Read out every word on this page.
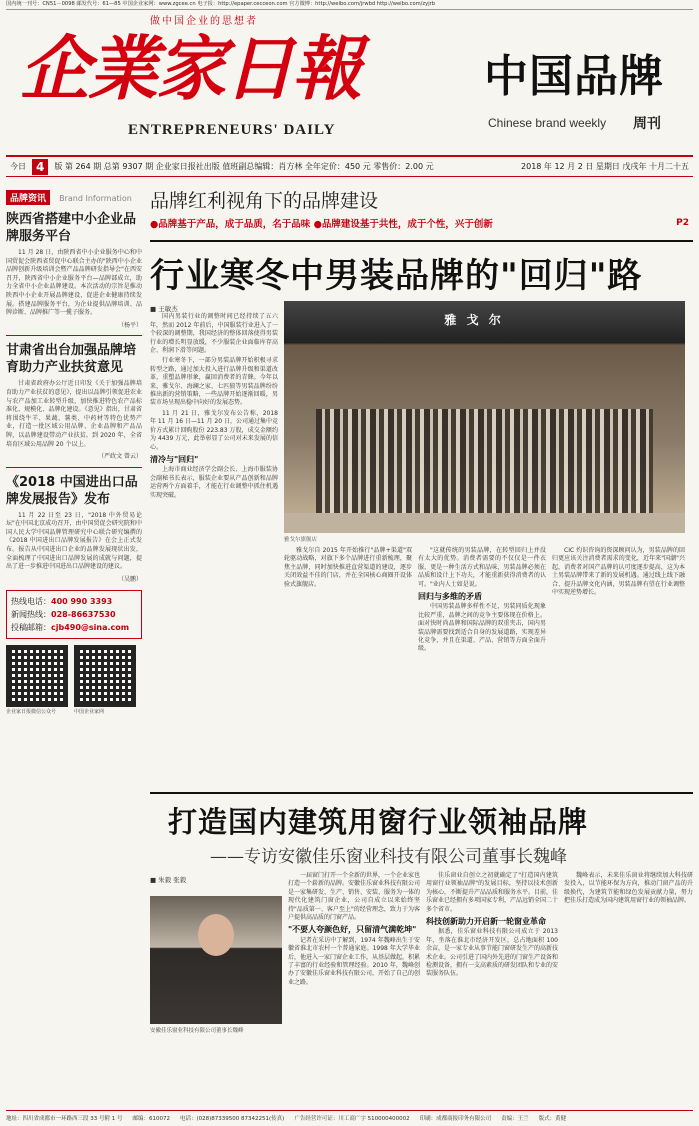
国内统一刊号：CN51－0098 邮发代号：61—85 中国企业家网：www.zgcee.cn 电子报：http://epaper.cecceon.com 官方微博：http://weibo.com/jrwbd http://weibo.com/zyjrb
做中国企业的思想者
企業家日報
ENTREPRENEURS' DAILY
中国品牌
Chinese brand weekly 周刊
今日 4	版 第 264 期 总第 9307 期 企业家日报社出版 值班副总编辑：肖方林 全年定价：450 元 零售价：2.00 元	2018 年 12 月 2 日 星期日 戊戌年 十月二十五
品牌资讯 Brand Information
陕西省搭建中小企业品牌服务平台
11 月 28 日，由陕西省中小企业服务中心和中国贸促会陕西省贸促中心联合主办的"陕西中小企业品牌创新升级培训会暨产品品牌研发指导会"在西安召开，陕西省中小企业服务平台—品牌部成立，助力全省中小企业品牌建设。本次活动的宗旨是推动陕西中小企业开展品牌建设，促进企业健康持续发展。搭建品牌服务平台，为企业提供品牌培训、品牌诊断、品牌推广等一揽子服务。
（杨平）
甘肃省出台加强品牌培育助力产业扶贫意见
甘肃省政府办公厅近日印发《关于加强品牌培育助力产业扶贫的意见》，提出以品牌引领促进农业与农产品加工业转型升级，加快推进特色农产品标准化、规模化、品牌化建设。《意见》指出，甘肃省将围绕牛羊、果蔬、薯类、中药材等特色优势产业，打造一批区域公用品牌、企业品牌和产品品牌，以品牌建设带动产业扶贫。到 2020 年，全省培育区域公用品牌 20 个以上。
（严政文 曾云）
《2018 中国进出口品牌发展报告》发布
11 月 22 日至 23 日，"2018 中外贸易论坛"在中国北京成功召开，由中国贸促会研究院和中国人民大学中国品牌管理研究中心联合研究编撰的《2018 中国进出口品牌发展报告》在会上正式发布。报告从中国进出口企业的品牌发展现状出发，全面梳理了中国进出口品牌发展的成就与问题，提出了进一步推进中国进出口品牌建设的建议。
（吴鹏）
热线电话：400 990 3393
新闻热线：028-86637530
投稿邮箱：cjb490@sina.com
企业家日报微信公众号	中国企业家网
品牌红利视角下的品牌建设
●品牌基于产品，成于品质，名于品味 ●品牌建设基于共性，成于个性，兴于创新	P2
行业寒冬中男装品牌的"回归"路
■ 王敏杰

国内男装行业的调整时间已经持续了五六年，然而 2012 年前后，中国服装行业进入了一个较深的调整期，我国经济的整体回落使得男装行业的增长明显放缓，不少服装企业面临库存高企、利润下滑等问题。

行业寒冬下，一部分男装品牌开始积极寻求转型之路，通过加大投入进行品牌升级和渠道改革，重塑品牌形象，赢回消费者的青睐。今年以来，雅戈尔、海澜之家、七匹狼等男装品牌纷纷推出新的营销策略，一些品牌开始逐渐回暖，男装市场呈现出稳中向好的发展态势。

11 月 21 日，雅戈尔发布公告称，2018 年 11 月 16 日—11 月 20 日，公司通过集中竞价方式累计回购股份 223.83 万股，成交金额约为 4439 万元，此举彰显了公司对未来发展的信心。

清冷与"回归"

上海市商业经济学会副会长、上海市服装协会副秘书长表示，服装企业要从产品创新和品牌运营两个方面着手，才能在行业调整中抓住机遇实现突破。

雅 戈 尔
雅戈尔旗舰店

雅戈尔自 2015 年开始推行"品牌+渠道"双轮驱动战略，对旗下多个品牌进行重新梳理，聚焦主品牌，同时加快推进直营渠道的建设，逐步关闭效益不佳的门店，并在全国核心商圈开设体验式旗舰店。

"这就传统的男装品牌，在转型回归上并没有太大的优势。消费者需要的不仅仅是一件衣服，更是一种生活方式和品味，男装品牌必须在品质和设计上下功夫，才能重新获得消费者的认可。"业内人士如是说。

回归与多维的矛盾

中国男装品牌多样性不足，男装同质化现象比较严重，品牌之间的竞争主要体现在价格上。面对快时尚品牌和国际品牌的双重夹击，国内男装品牌需要找到适合自身的发展道路，实现差异化竞争，并且在渠道、产品、营销等方面全面升级。

CIC 灼识咨询的资深顾问认为，男装品牌的回归更应该关注消费者需求的变化，近年来"国潮"兴起，消费者对国产品牌的认可度逐步提高，这为本土男装品牌带来了新的发展机遇。通过线上线下融合、提升品牌文化内涵，男装品牌有望在行业调整中实现逆势增长。

打造国内建筑用窗行业领袖品牌
——专访安徽佳乐窗业科技有限公司董事长魏峰
安徽佳乐窗业科技有限公司董事长魏峰
■ 朱毅 张毅

一届窗门打开一个全新的世界，一个企业家也打造一个崭新的品牌。安徽佳乐窗业科技有限公司是一家集研发、生产、销售、安装、服务为一体的现代化建筑门窗企业，公司自成立以来始终坚持"品质第一、客户至上"的经营理念，致力于为客户提供高品质的门窗产品。

"不要人夸颜色好，只留清气满乾坤"

记者在采访中了解到，1974 年魏峰出生于安徽省淮北市农村一个普通家庭。1998 年大学毕业后，他进入一家门窗企业工作，从基层做起，积累了丰富的行业经验和管理经验。2010 年，魏峰创办了安徽佳乐窗业科技有限公司，开始了自己的创业之路。

佳乐窗业自创立之初就确定了"打造国内建筑用窗行业领袖品牌"的发展目标，坚持以技术创新为核心，不断提升产品品质和服务水平。目前，佳乐窗业已经拥有多项国家专利，产品远销全国二十多个省市。

科技创新助力开启新一轮窗业革命

据悉，佳乐窗业科技有限公司成立于 2013 年，坐落在淮北市经济开发区，总占地面积 100 余亩，是一家专业从事节能门窗研发生产的高新技术企业。公司引进了国内外先进的门窗生产设备和检测设备，拥有一支高素质的研发团队和专业的安装服务队伍。

魏峰表示，未来佳乐窗业将继续加大科技研发投入，以节能环保为方向，推动门窗产品的升级换代，为建筑节能和绿色发展贡献力量，努力把佳乐打造成为国内建筑用窗行业的领袖品牌。

地址：四川省成都市一环路西三段 33 号附 1 号 邮编：610072 电话：(028)87339500 87342251(传真) 广告经营许可证：川工商广字 510000400002 印刷：成都商报印务有限公司 责编：王兰 版式：黄健
